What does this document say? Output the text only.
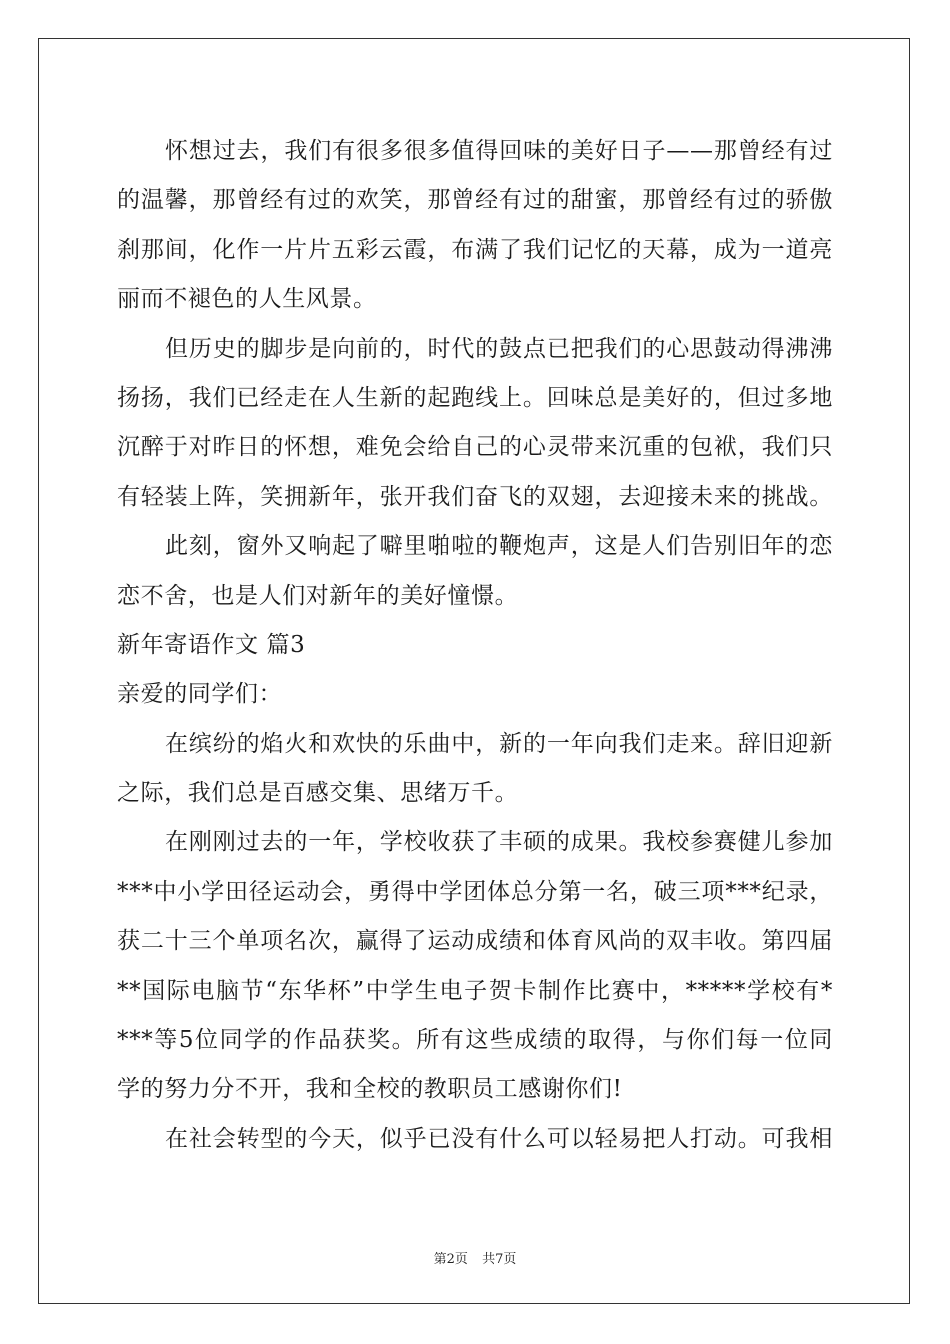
怀想过去，我们有很多很多值得回味的美好日子——那曾经有过
的温馨，那曾经有过的欢笑，那曾经有过的甜蜜，那曾经有过的骄傲
刹那间，化作一片片五彩云霞，布满了我们记忆的天幕，成为一道亮
丽而不褪色的人生风景。
但历史的脚步是向前的，时代的鼓点已把我们的心思鼓动得沸沸
扬扬，我们已经走在人生新的起跑线上。回味总是美好的，但过多地
沉醉于对昨日的怀想，难免会给自己的心灵带来沉重的包袱，我们只
有轻装上阵，笑拥新年，张开我们奋飞的双翅，去迎接未来的挑战。
此刻，窗外又响起了噼里啪啦的鞭炮声，这是人们告别旧年的恋
恋不舍，也是人们对新年的美好憧憬。
新年寄语作文 篇3
亲爱的同学们：
在缤纷的焰火和欢快的乐曲中，新的一年向我们走来。辞旧迎新
之际，我们总是百感交集、思绪万千。
在刚刚过去的一年，学校收获了丰硕的成果。我校参赛健儿参加
***中小学田径运动会，勇得中学团体总分第一名，破三项***纪录，
获二十三个单项名次，赢得了运动成绩和体育风尚的双丰收。第四届
**国际电脑节“东华杯”中学生电子贺卡制作比赛中，*****学校有*
***等5位同学的作品获奖。所有这些成绩的取得，与你们每一位同
学的努力分不开，我和全校的教职员工感谢你们!
在社会转型的今天，似乎已没有什么可以轻易把人打动。可我相
第2页 共7页
